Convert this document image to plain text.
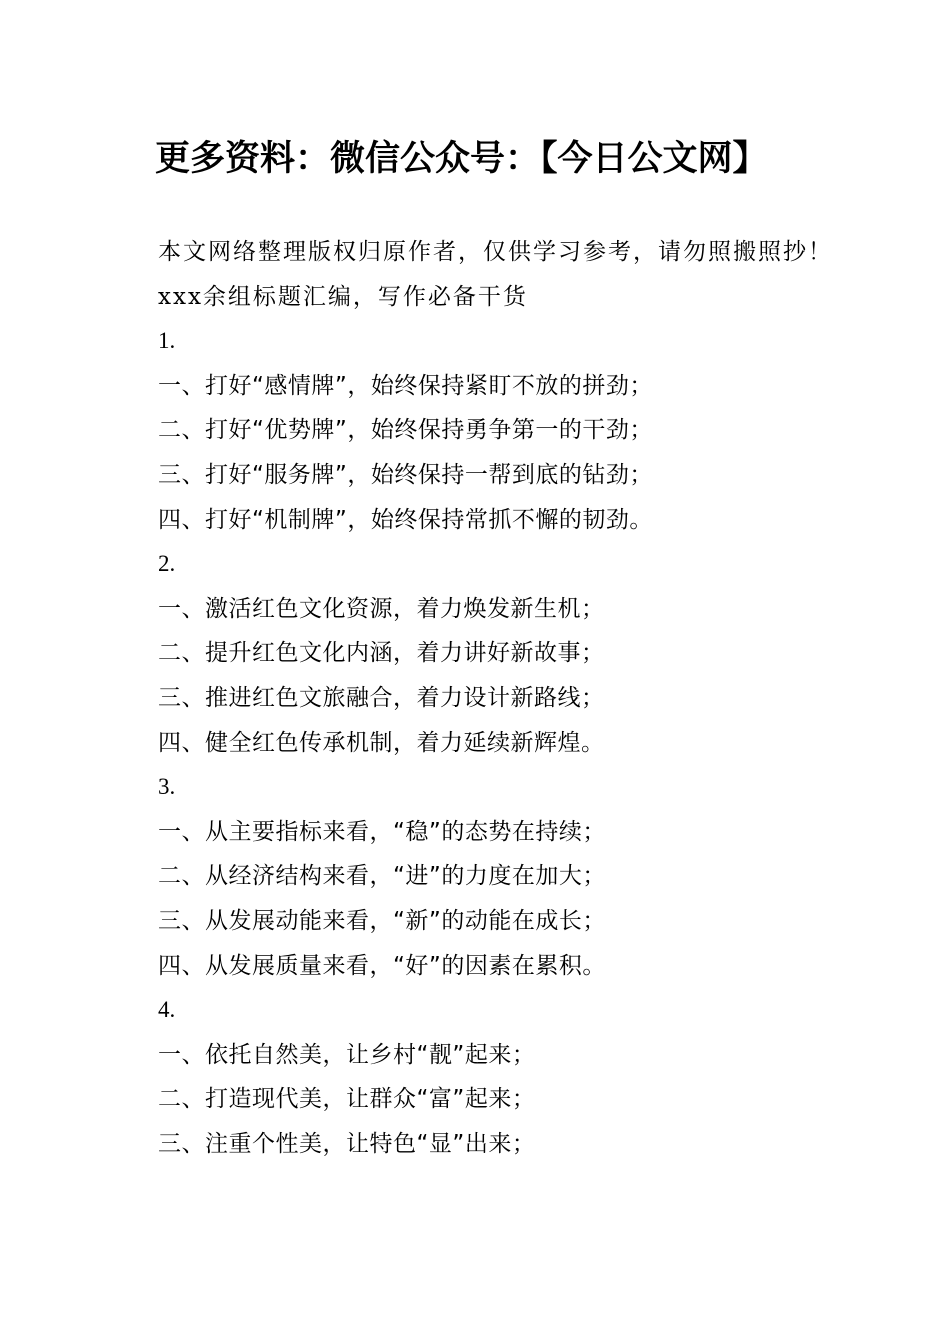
更多资料：微信公众号：【今日公文网】
本文网络整理版权归原作者，仅供学习参考，请勿照搬照抄！
xxx余组标题汇编，写作必备干货
1.
一、打好“感情牌”，始终保持紧盯不放的拼劲；
二、打好“优势牌”，始终保持勇争第一的干劲；
三、打好“服务牌”，始终保持一帮到底的钻劲；
四、打好“机制牌”，始终保持常抓不懈的韧劲。
2.
一、激活红色文化资源，着力焕发新生机；
二、提升红色文化内涵，着力讲好新故事；
三、推进红色文旅融合，着力设计新路线；
四、健全红色传承机制，着力延续新辉煌。
3.
一、从主要指标来看，“稳”的态势在持续；
二、从经济结构来看，“进”的力度在加大；
三、从发展动能来看，“新”的动能在成长；
四、从发展质量来看，“好”的因素在累积。
4.
一、依托自然美，让乡村“靓”起来；
二、打造现代美，让群众“富”起来；
三、注重个性美，让特色“显”出来；
